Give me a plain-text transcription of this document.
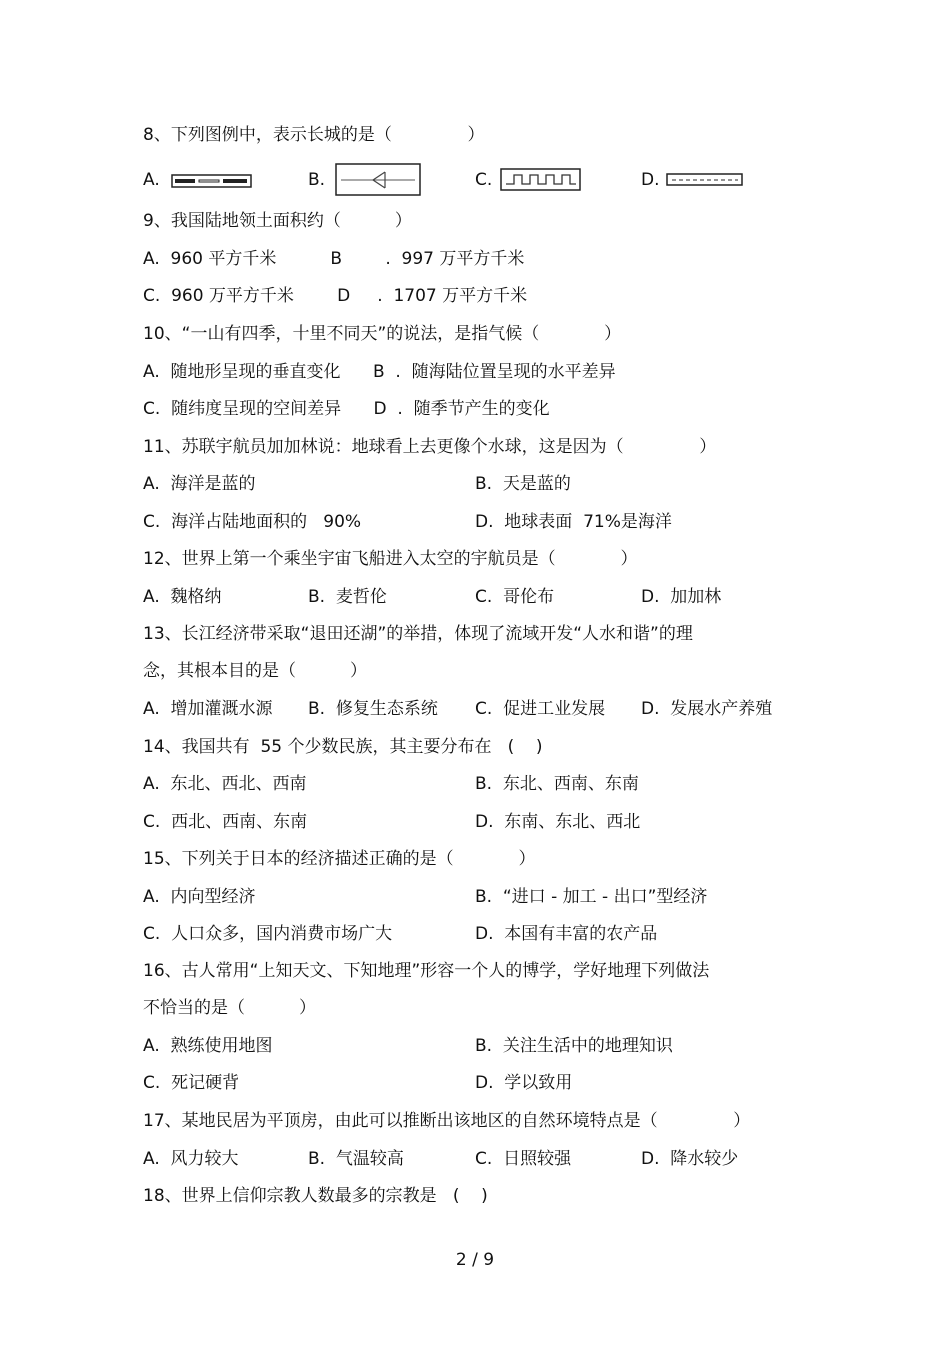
8、下列图例中，表示长城的是（              ）
A.	B.	C.	D.
9、我国陆地领土面积约（          ）
A.  960 平方千米          B        .  997 万平方千米
C.  960 万平方千米        D     .  1707 万平方千米
10、“一山有四季，十里不同天”的说法，是指气候（            ）
A.  随地形呈现的垂直变化      B  .  随海陆位置呈现的水平差异
C.  随纬度呈现的空间差异      D  .  随季节产生的变化
11、苏联宇航员加加林说：地球看上去更像个水球，这是因为（              ）
A.  海洋是蓝的	B.  天是蓝的
C.  海洋占陆地面积的   90%	D.  地球表面  71%是海洋
12、世界上第一个乘坐宇宙飞船进入太空的宇航员是（            ）
A.  魏格纳	B.  麦哲伦	C.  哥伦布	D.  加加林
13、长江经济带采取“退田还湖”的举措，体现了流域开发“人水和谐”的理
念，其根本目的是（          ）
A.  增加灌溉水源 B.  修复生态系统 C.  促进工业发展 D.  发展水产养殖
14、我国共有  55 个少数民族，其主要分布在   (    )
A.  东北、西北、西南	B.  东北、西南、东南
C.  西北、西南、东南	D.  东南、东北、西北
15、下列关于日本的经济描述正确的是（            ）
A.  内向型经济	B.  “进口 - 加工 - 出口”型经济
C.  人口众多，国内消费市场广大	D.  本国有丰富的农产品
16、古人常用“上知天文、下知地理”形容一个人的博学，学好地理下列做法
不恰当的是（          ）
A.  熟练使用地图	B.  关注生活中的地理知识
C.  死记硬背	D.  学以致用
17、某地民居为平顶房，由此可以推断出该地区的自然环境特点是（              ）
A.  风力较大	B.  气温较高	C.  日照较强	D.  降水较少
18、世界上信仰宗教人数最多的宗教是   (    )
2 / 9
